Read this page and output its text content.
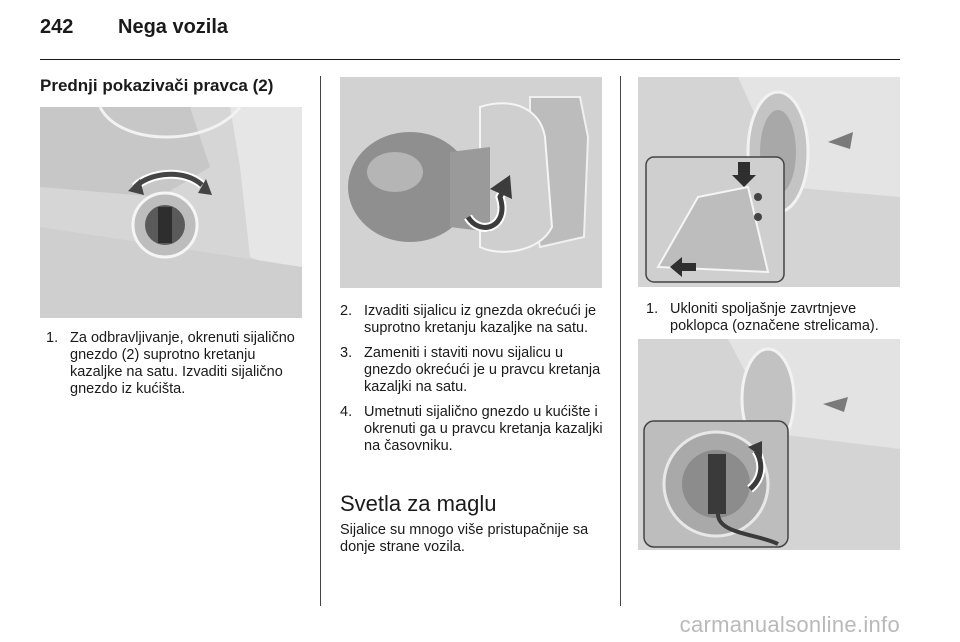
242 Nega vozila
Prednji pokazivači pravca (2)
1. Za odbravljivanje, okrenuti sijalično gnezdo (2) suprotno kretanju kazaljke na satu. Izvaditi sijalično gnezdo iz kućišta.
2. Izvaditi sijalicu iz gnezda okrećući je suprotno kretanju kazaljke na satu.
3. Zameniti i staviti novu sijalicu u gnezdo okrećući je u pravcu kretanja kazaljki na satu.
4. Umetnuti sijalično gnezdo u kućište i okrenuti ga u pravcu kretanja kazaljki na časovniku.
Svetla za maglu
Sijalice su mnogo više pristupačnije sa donje strane vozila.
1. Ukloniti spoljašnje zavrtnjeve poklopca (označene strelicama).
carmanualsonline.info
